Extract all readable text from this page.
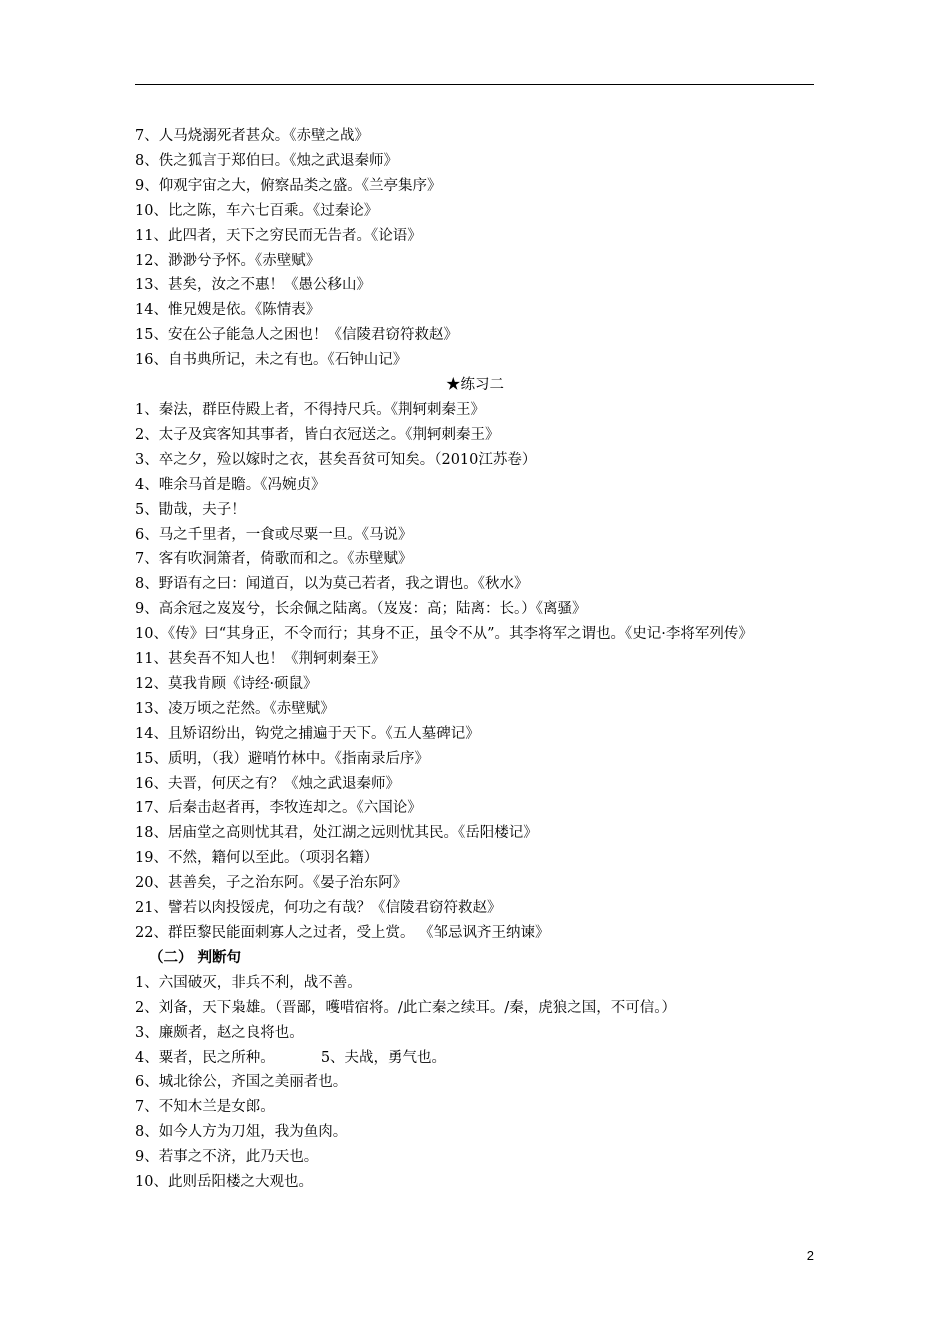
7、人马烧溺死者甚众。《赤壁之战》
8、佚之狐言于郑伯曰。《烛之武退秦师》
9、仰观宇宙之大，俯察品类之盛。《兰亭集序》
10、比之陈，车六七百乘。《过秦论》
11、此四者，天下之穷民而无告者。《论语》
12、渺渺兮予怀。《赤壁赋》
13、甚矣，汝之不惠！《愚公移山》
14、惟兄嫂是依。《陈情表》
15、安在公子能急人之困也！《信陵君窃符救赵》
16、自书典所记，未之有也。《石钟山记》
★练习二
1、秦法，群臣侍殿上者，不得持尺兵。《荆轲刺秦王》
2、太子及宾客知其事者，皆白衣冠送之。《荆轲刺秦王》
3、卒之夕，殓以嫁时之衣，甚矣吾贫可知矣。（2010江苏卷）
4、唯余马首是瞻。《冯婉贞》
5、勖哉，夫子！
6、马之千里者，一食或尽粟一旦。《马说》
7、客有吹洞箫者，倚歌而和之。《赤壁赋》
8、野语有之曰：闻道百，以为莫己若者，我之谓也。《秋水》
9、高余冠之岌岌兮，长余佩之陆离。（岌岌：高；陆离：长。）《离骚》
10、《传》曰“其身正，不令而行；其身不正，虽令不从”。其李将军之谓也。《史记·李将军列传》
11、甚矣吾不知人也！《荆轲刺秦王》
12、莫我肯顾《诗经·硕鼠》
13、凌万顷之茫然。《赤壁赋》
14、且矫诏纷出，钩党之捕遍于天下。《五人墓碑记》
15、质明，（我）避哨竹林中。《指南录后序》
16、夫晋，何厌之有？《烛之武退秦师》
17、后秦击赵者再，李牧连却之。《六国论》
18、居庙堂之高则忧其君，处江湖之远则忧其民。《岳阳楼记》
19、不然，籍何以至此。（项羽名籍）
20、甚善矣，子之治东阿。《晏子治东阿》
21、譬若以肉投馁虎，何功之有哉？《信陵君窃符救赵》
22、群臣黎民能面刺寡人之过者，受上赏。 《邹忌讽齐王纳谏》
（二） 判断句
1、六国破灭，非兵不利，战不善。
2、刘备，天下枭雄。（晋鄙，嚄唶宿将。/此亡秦之续耳。/秦，虎狼之国，不可信。）
3、廉颇者，赵之良将也。
4、粟者，民之所种。          5、夫战，勇气也。
6、城北徐公，齐国之美丽者也。
7、不知木兰是女郎。
8、如今人方为刀俎，我为鱼肉。
9、若事之不济，此乃天也。
10、此则岳阳楼之大观也。
2
